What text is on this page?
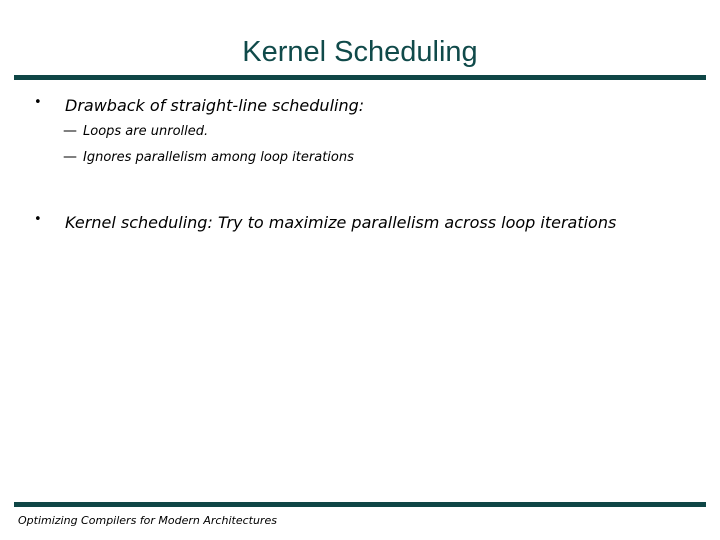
Kernel Scheduling
• Drawback of straight-line scheduling:
— Loops are unrolled.
— Ignores parallelism among loop iterations
• Kernel scheduling: Try to maximize parallelism across loop iterations
Optimizing Compilers for Modern Architectures
